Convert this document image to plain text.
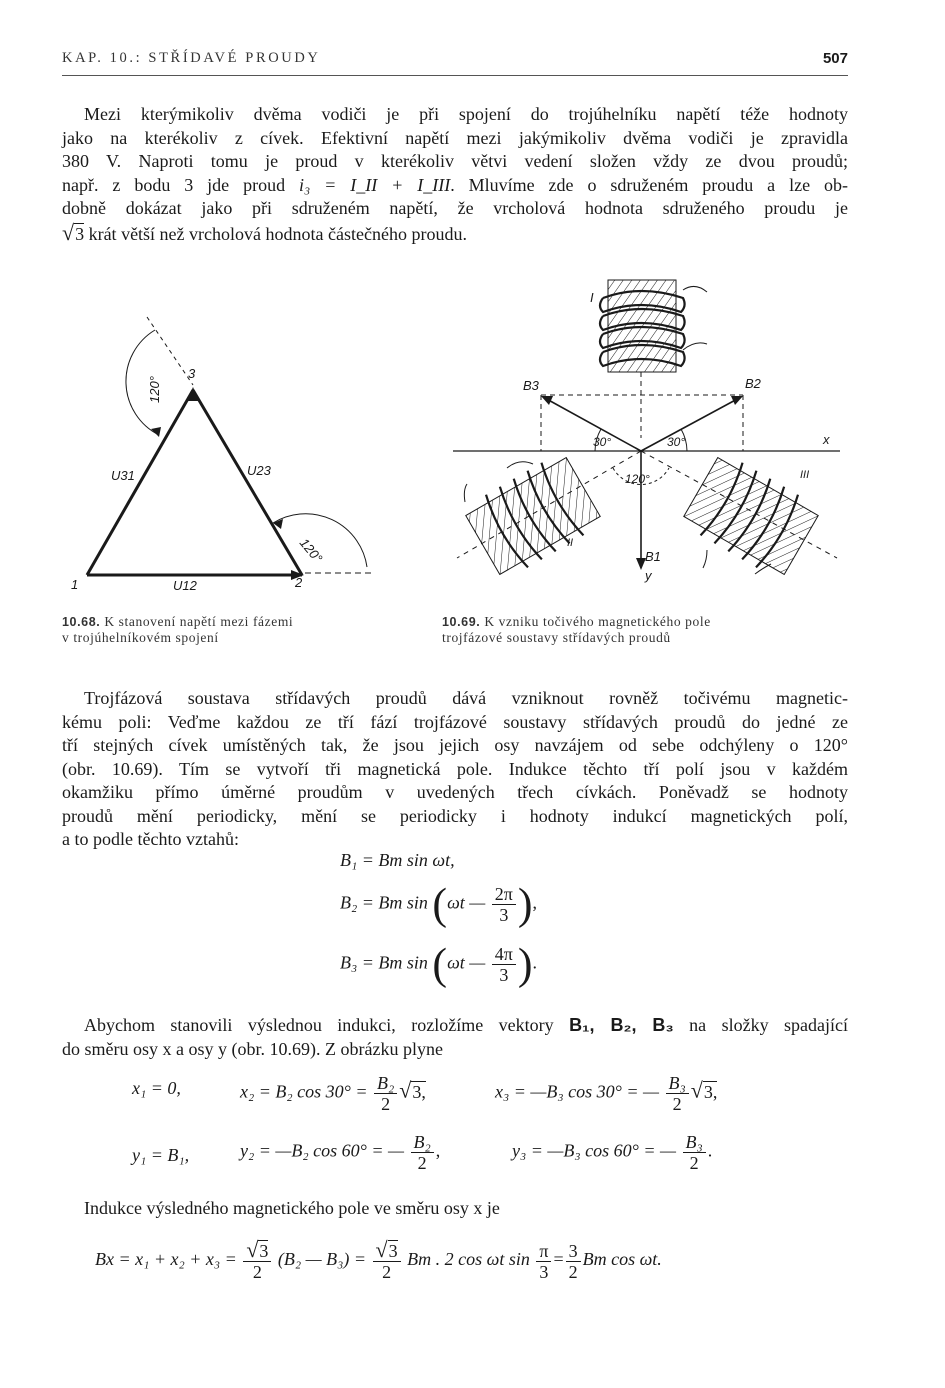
KAP. 10.: STŘÍDAVÉ PROUDY	507
Mezi kterýmikoliv dvěma vodiči je při spojení do trojúhelníku napětí téže hodnoty
jako na kterékoliv z cívek. Efektivní napětí mezi jakýmikoliv dvěma vodiči je zpravidla
380 V. Naproti tomu je proud v kterékoliv větvi vedení složen vždy ze dvou proudů;
např. z bodu 3 jde proud i₃ = I_II + I_III. Mluvíme zde o sdruženém proudu a lze ob-
dobně dokázat jako při sdruženém napětí, že vrcholová hodnota sdruženého proudu je
√3 krát větší než vrcholová hodnota částečného proudu.
1	2
3
U31	U23
U12
120°
120°
10.68. K stanovení napětí mezi fázemi
v trojúhelníkovém spojení
I
II
III
B1
B2
B3
x
y
30°	30°
120°
10.69. K vzniku točivého magnetického pole
trojfázové soustavy střídavých proudů
Trojfázová soustava střídavých proudů dává vzniknout rovněž točivému magnetic-
kému poli: Veďme každou ze tří fází trojfázové soustavy střídavých proudů do jedné ze
tří stejných cívek umístěných tak, že jsou jejich osy navzájem od sebe odchýleny o 120°
(obr. 10.69). Tím se vytvoří tři magnetická pole. Indukce těchto tří polí jsou v každém
okamžiku přímo úměrné proudům v uvedených třech cívkách. Poněvadž se hodnoty
proudů mění periodicky, mění se periodicky i hodnoty indukcí magnetických polí,
a to podle těchto vztahů:
B₁ = Bm sin ωt,
B₂ = Bm sin (ωt — $\frac{2\pi}{3}$ ),
B₃ = Bm sin (ωt — $\frac{4\pi}{3}$ ).
Abychom stanovili výslednou indukci, rozložíme vektory B₁, B₂, B₃ na složky spadající
do směru osy x a osy y (obr. 10.69). Z obrázku plyne
x₁ = 0,	x₂ = B₂ $\cos 30^\circ = \frac{\text{B₂}}{2} √3$,	x₃ = —B₃ cos 30° = — $\frac{\text{B₃}}{2} √3$,
y₁ = B₁,	y₂ = —B₂ cos 60° = — $\frac{\text{B₂}}{2}$ ,	y₃ = —B₃ cos 60° = — $\frac{\text{B₃}}{2}$ .
Indukce výsledného magnetického pole ve směru osy x je
$Bx = x_1 + x_2 + x_3 = \frac{√3}{2} (B_2$ — $B_3) = \frac{√3}{2}$ Bm . 2 cos ωt $\sin \frac{\pi}{3} = \frac{3}{2}$ Bm cos ωt.
